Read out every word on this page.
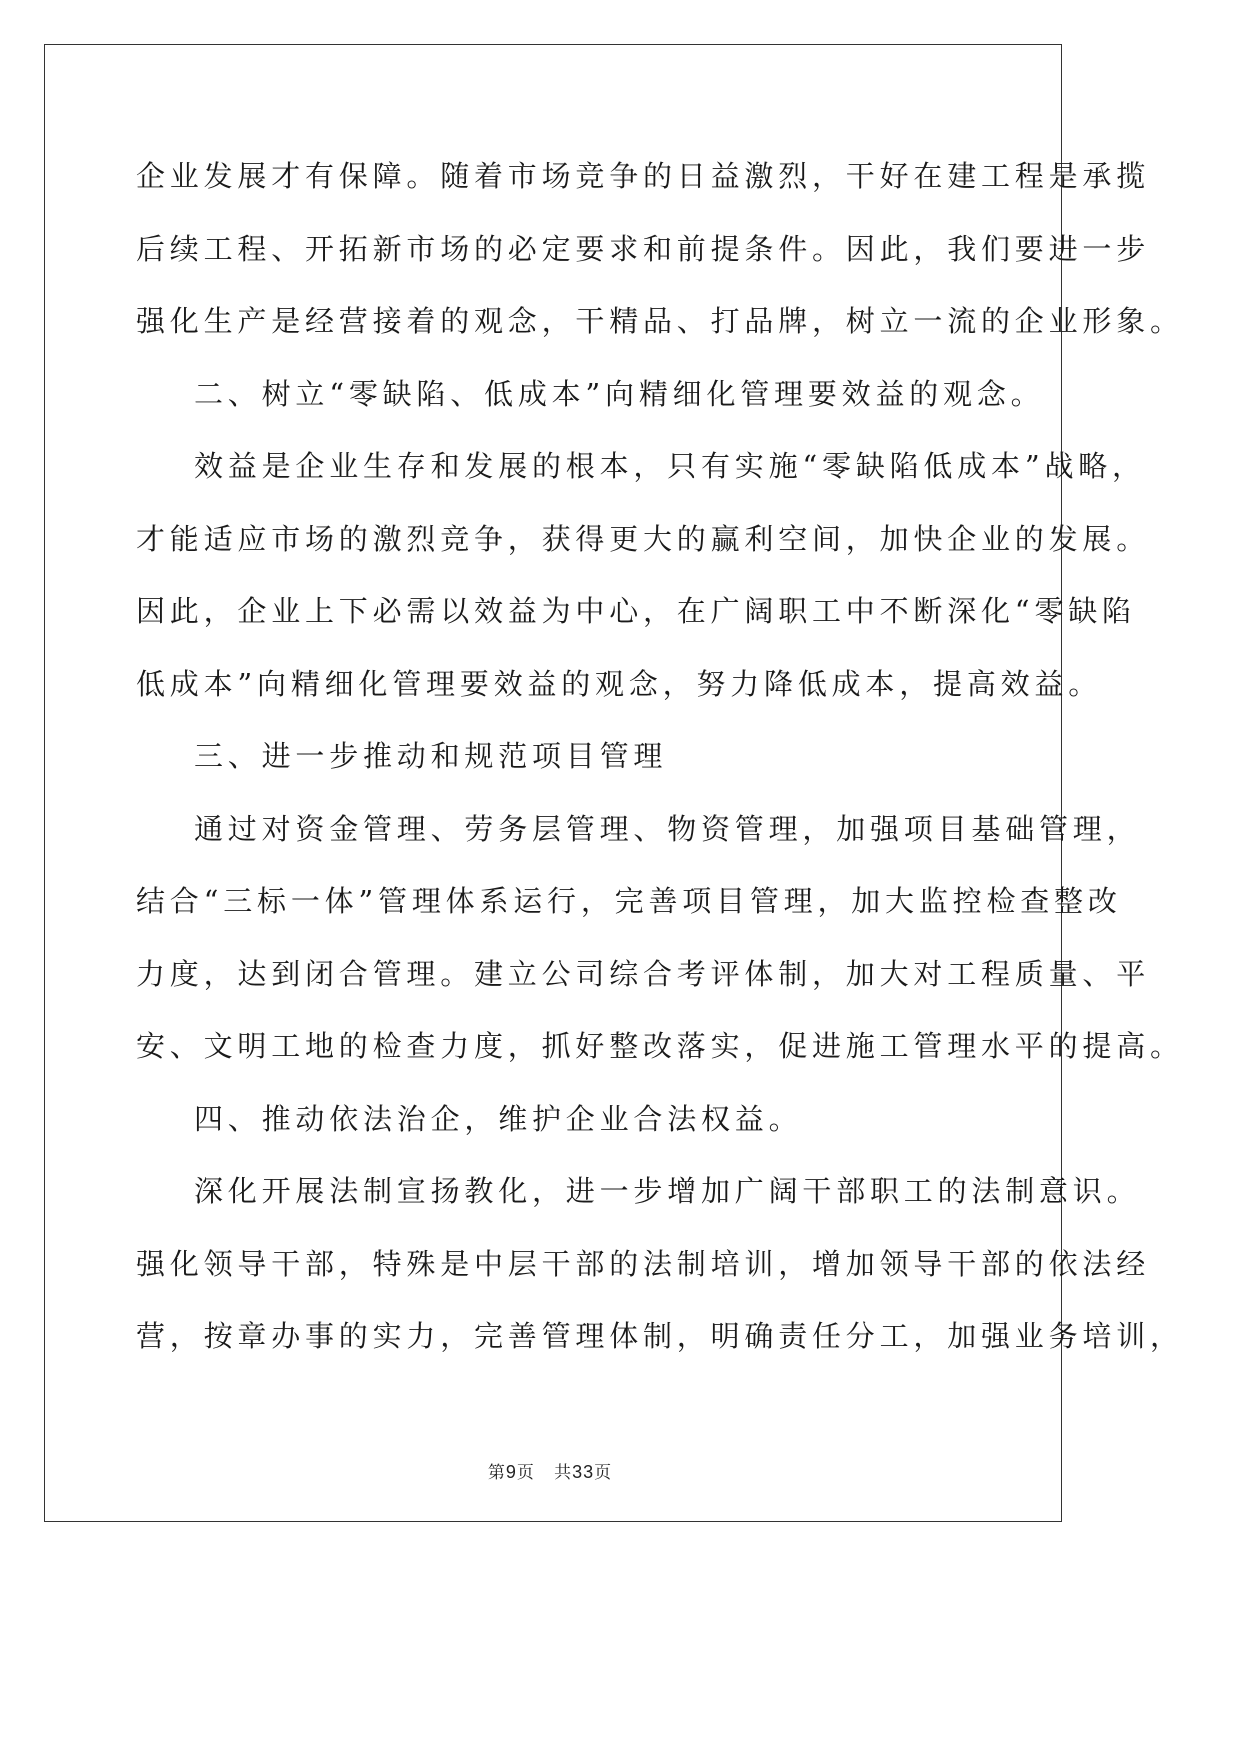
企业发展才有保障。随着市场竞争的日益激烈，干好在建工程是承揽
后续工程、开拓新市场的必定要求和前提条件。因此，我们要进一步
强化生产是经营接着的观念，干精品、打品牌，树立一流的企业形象。
二、树立“零缺陷、低成本”向精细化管理要效益的观念。
效益是企业生存和发展的根本，只有实施“零缺陷低成本”战略，
才能适应市场的激烈竞争，获得更大的赢利空间，加快企业的发展。
因此，企业上下必需以效益为中心，在广阔职工中不断深化“零缺陷
低成本”向精细化管理要效益的观念，努力降低成本，提高效益。
三、进一步推动和规范项目管理
通过对资金管理、劳务层管理、物资管理，加强项目基础管理，
结合“三标一体”管理体系运行，完善项目管理，加大监控检查整改
力度，达到闭合管理。建立公司综合考评体制，加大对工程质量、平
安、文明工地的检查力度，抓好整改落实，促进施工管理水平的提高。
四、推动依法治企，维护企业合法权益。
深化开展法制宣扬教化，进一步增加广阔干部职工的法制意识。
强化领导干部，特殊是中层干部的法制培训，增加领导干部的依法经
营，按章办事的实力，完善管理体制，明确责任分工，加强业务培训，
第9页 共33页
